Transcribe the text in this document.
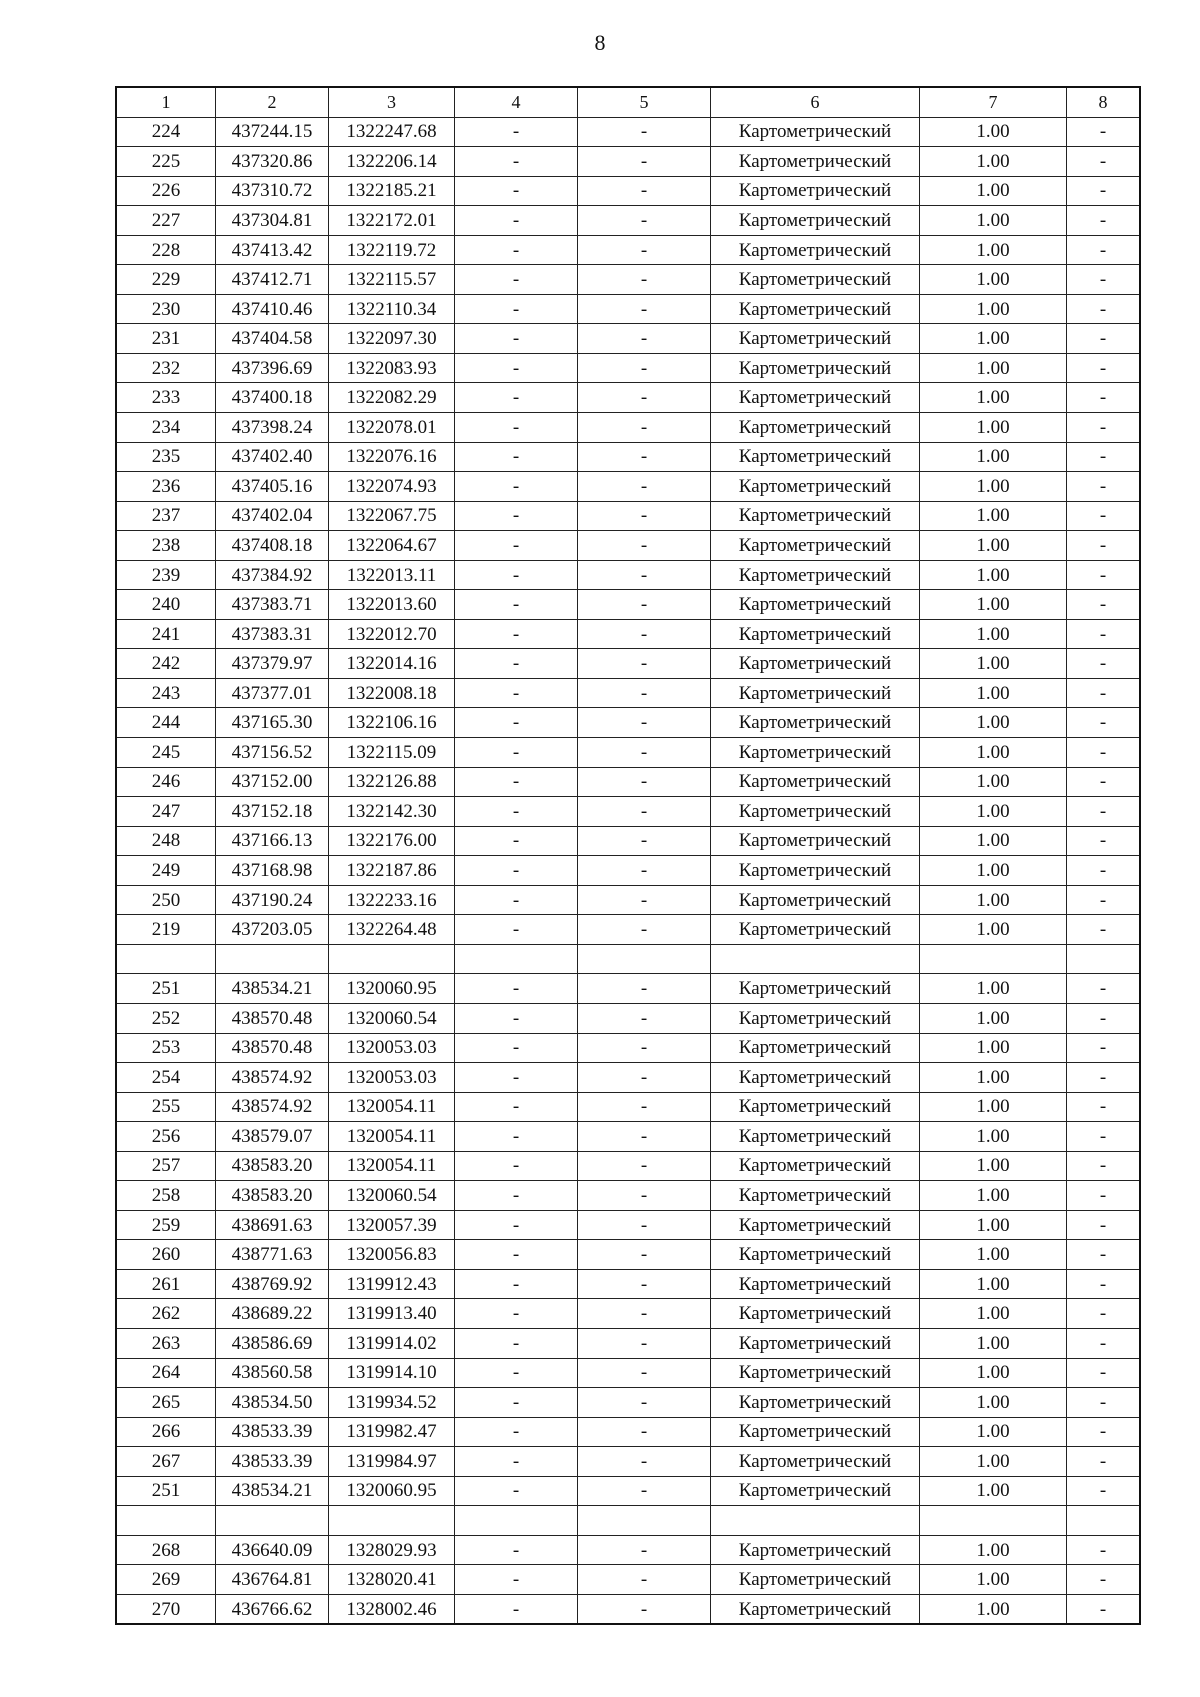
8
1	2	3	4	5	6	7	8
224	437244.15	1322247.68	-	-	Картометрический	1.00	-
225	437320.86	1322206.14	-	-	Картометрический	1.00	-
226	437310.72	1322185.21	-	-	Картометрический	1.00	-
227	437304.81	1322172.01	-	-	Картометрический	1.00	-
228	437413.42	1322119.72	-	-	Картометрический	1.00	-
229	437412.71	1322115.57	-	-	Картометрический	1.00	-
230	437410.46	1322110.34	-	-	Картометрический	1.00	-
231	437404.58	1322097.30	-	-	Картометрический	1.00	-
232	437396.69	1322083.93	-	-	Картометрический	1.00	-
233	437400.18	1322082.29	-	-	Картометрический	1.00	-
234	437398.24	1322078.01	-	-	Картометрический	1.00	-
235	437402.40	1322076.16	-	-	Картометрический	1.00	-
236	437405.16	1322074.93	-	-	Картометрический	1.00	-
237	437402.04	1322067.75	-	-	Картометрический	1.00	-
238	437408.18	1322064.67	-	-	Картометрический	1.00	-
239	437384.92	1322013.11	-	-	Картометрический	1.00	-
240	437383.71	1322013.60	-	-	Картометрический	1.00	-
241	437383.31	1322012.70	-	-	Картометрический	1.00	-
242	437379.97	1322014.16	-	-	Картометрический	1.00	-
243	437377.01	1322008.18	-	-	Картометрический	1.00	-
244	437165.30	1322106.16	-	-	Картометрический	1.00	-
245	437156.52	1322115.09	-	-	Картометрический	1.00	-
246	437152.00	1322126.88	-	-	Картометрический	1.00	-
247	437152.18	1322142.30	-	-	Картометрический	1.00	-
248	437166.13	1322176.00	-	-	Картометрический	1.00	-
249	437168.98	1322187.86	-	-	Картометрический	1.00	-
250	437190.24	1322233.16	-	-	Картометрический	1.00	-
219	437203.05	1322264.48	-	-	Картометрический	1.00	-

251	438534.21	1320060.95	-	-	Картометрический	1.00	-
252	438570.48	1320060.54	-	-	Картометрический	1.00	-
253	438570.48	1320053.03	-	-	Картометрический	1.00	-
254	438574.92	1320053.03	-	-	Картометрический	1.00	-
255	438574.92	1320054.11	-	-	Картометрический	1.00	-
256	438579.07	1320054.11	-	-	Картометрический	1.00	-
257	438583.20	1320054.11	-	-	Картометрический	1.00	-
258	438583.20	1320060.54	-	-	Картометрический	1.00	-
259	438691.63	1320057.39	-	-	Картометрический	1.00	-
260	438771.63	1320056.83	-	-	Картометрический	1.00	-
261	438769.92	1319912.43	-	-	Картометрический	1.00	-
262	438689.22	1319913.40	-	-	Картометрический	1.00	-
263	438586.69	1319914.02	-	-	Картометрический	1.00	-
264	438560.58	1319914.10	-	-	Картометрический	1.00	-
265	438534.50	1319934.52	-	-	Картометрический	1.00	-
266	438533.39	1319982.47	-	-	Картометрический	1.00	-
267	438533.39	1319984.97	-	-	Картометрический	1.00	-
251	438534.21	1320060.95	-	-	Картометрический	1.00	-

268	436640.09	1328029.93	-	-	Картометрический	1.00	-
269	436764.81	1328020.41	-	-	Картометрический	1.00	-
270	436766.62	1328002.46	-	-	Картометрический	1.00	-
